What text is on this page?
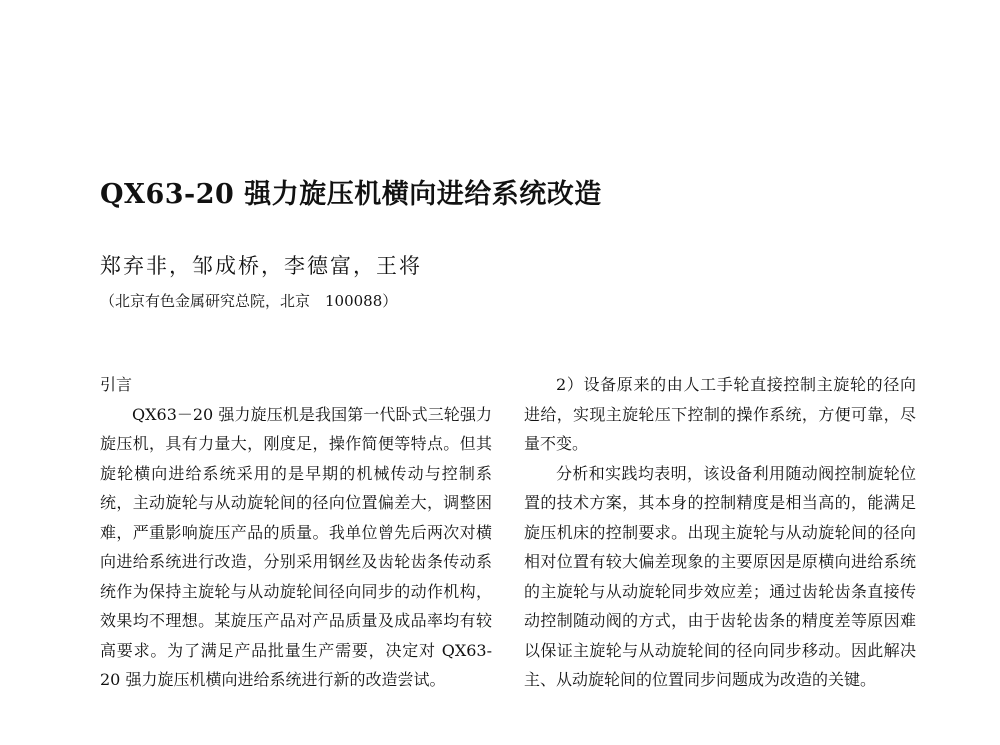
QX63-20 强力旋压机横向进给系统改造
郑弃非，邹成桥，李德富，王将
（北京有色金属研究总院，北京　100088）

引言

QX63－20 强力旋压机是我国第一代卧式三轮强力旋压机，具有力量大，刚度足，操作简便等特点。但其旋轮横向进给系统采用的是早期的机械传动与控制系统，主动旋轮与从动旋轮间的径向位置偏差大，调整困难，严重影响旋压产品的质量。我单位曾先后两次对横向进给系统进行改造，分别采用钢丝及齿轮齿条传动系统作为保持主旋轮与从动旋轮间径向同步的动作机构，效果均不理想。某旋压产品对产品质量及成品率均有较高要求。为了满足产品批量生产需要，决定对 QX63-20 强力旋压机横向进给系统进行新的改造尝试。

2）设备原来的由人工手轮直接控制主旋轮的径向进给，实现主旋轮压下控制的操作系统，方便可靠，尽量不变。

分析和实践均表明，该设备利用随动阀控制旋轮位置的技术方案，其本身的控制精度是相当高的，能满足旋压机床的控制要求。出现主旋轮与从动旋轮间的径向相对位置有较大偏差现象的主要原因是原横向进给系统的主旋轮与从动旋轮同步效应差；通过齿轮齿条直接传动控制随动阀的方式，由于齿轮齿条的精度差等原因难以保证主旋轮与从动旋轮间的径向同步移动。因此解决主、从动旋轮间的位置同步问题成为改造的关键。
